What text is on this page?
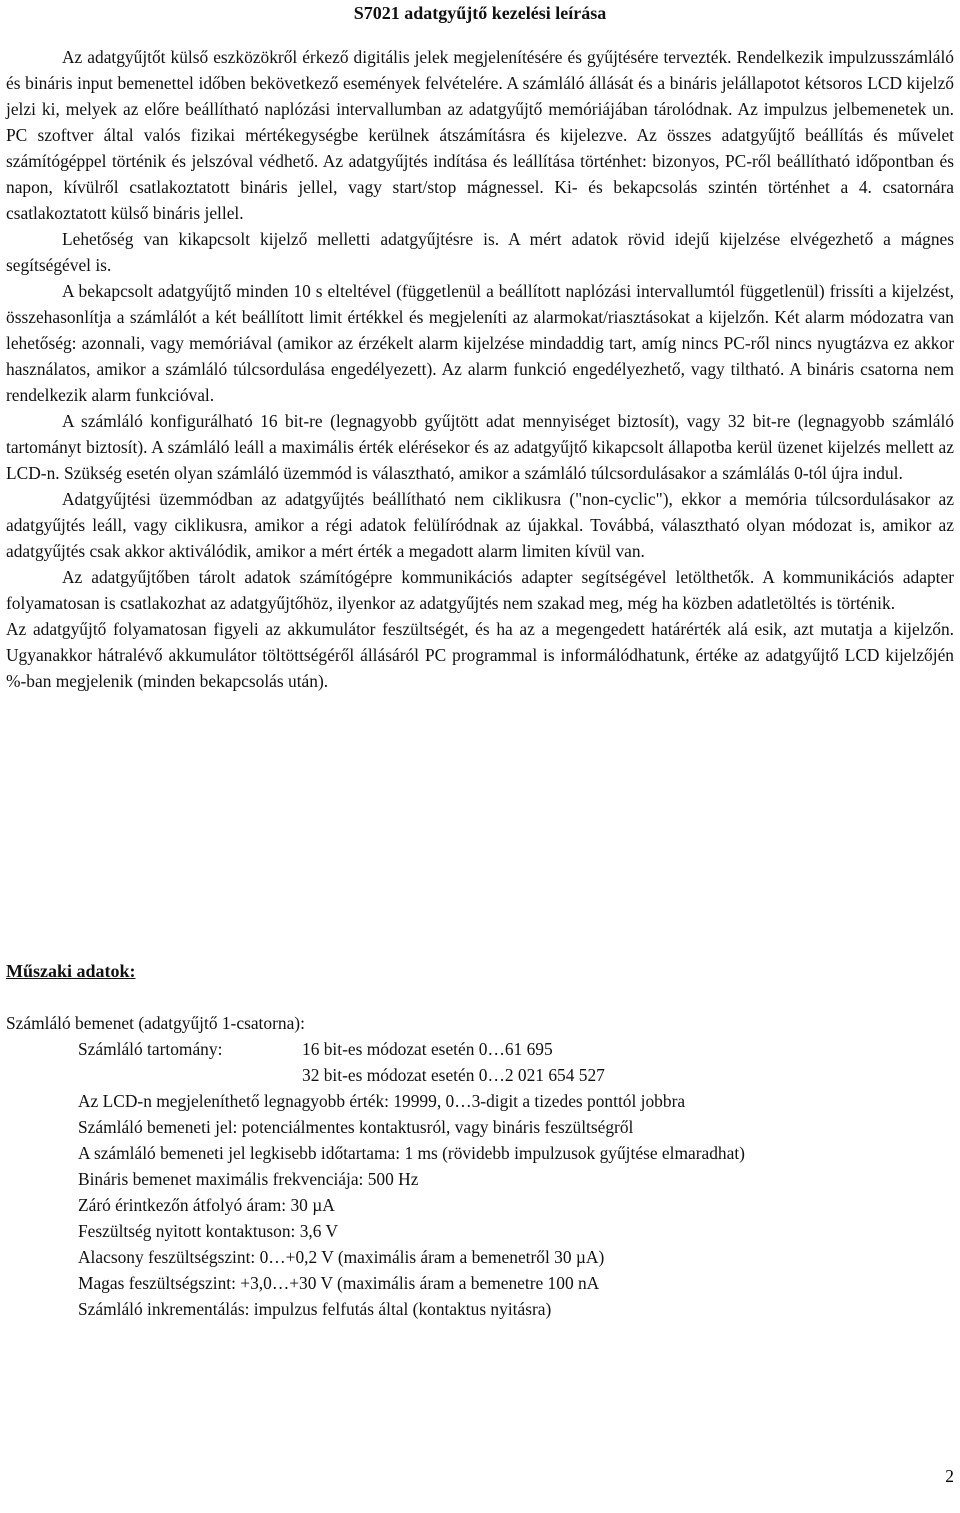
S7021 adatgyűjtő kezelési leírása

Az adatgyűjtőt külső eszközökről érkező digitális jelek megjelenítésére és gyűjtésére tervezték. Rendelkezik impulzusszámláló és bináris input bemenettel időben bekövetkező események felvételére. A számláló állását és a bináris jelállapotot kétsoros LCD kijelző jelzi ki, melyek az előre beállítható naplózási intervallumban az adatgyűjtő memóriájában tárolódnak. Az impulzus jelbemenetek un. PC szoftver által valós fizikai mértékegységbe kerülnek átszámításra és kijelezve. Az összes adatgyűjtő beállítás és művelet számítógéppel történik és jelszóval védhető. Az adatgyűjtés indítása és leállítása történhet: bizonyos, PC-ről beállítható időpontban és napon, kívülről csatlakoztatott bináris jellel, vagy start/stop mágnessel. Ki- és bekapcsolás szintén történhet a 4. csatornára csatlakoztatott külső bináris jellel.

Lehetőség van kikapcsolt kijelző melletti adatgyűjtésre is. A mért adatok rövid idejű kijelzése elvégezhető a mágnes segítségével is.

A bekapcsolt adatgyűjtő minden 10 s elteltével (függetlenül a beállított naplózási intervallumtól függetlenül) frissíti a kijelzést, összehasonlítja a számlálót a két beállított limit értékkel és megjeleníti az alarmokat/riasztásokat a kijelzőn. Két alarm módozatra van lehetőség: azonnali, vagy memóriával (amikor az érzékelt alarm kijelzése mindaddig tart, amíg nincs PC-ről nincs nyugtázva ez akkor használatos, amikor a számláló túlcsordulása engedélyezett). Az alarm funkció engedélyezhető, vagy tiltható. A bináris csatorna nem rendelkezik alarm funkcióval.

A számláló konfigurálható 16 bit-re (legnagyobb gyűjtött adat mennyiséget biztosít), vagy 32 bit-re (legnagyobb számláló tartományt biztosít). A számláló leáll a maximális érték elérésekor és az adatgyűjtő kikapcsolt állapotba kerül üzenet kijelzés mellett az LCD-n. Szükség esetén olyan számláló üzemmód is választható, amikor a számláló túlcsordulásakor a számlálás 0-tól újra indul.

Adatgyűjtési üzemmódban az adatgyűjtés beállítható nem ciklikusra ("non-cyclic"), ekkor a memória túlcsordulásakor az adatgyűjtés leáll, vagy ciklikusra, amikor a régi adatok felülíródnak az újakkal. Továbbá, választható olyan módozat is, amikor az adatgyűjtés csak akkor aktiválódik, amikor a mért érték a megadott alarm limiten kívül van.

Az adatgyűjtőben tárolt adatok számítógépre kommunikációs adapter segítségével letölthetők. A kommunikációs adapter folyamatosan is csatlakozhat az adatgyűjtőhöz, ilyenkor az adatgyűjtés nem szakad meg, még ha közben adatletöltés is történik.

Az adatgyűjtő folyamatosan figyeli az akkumulátor feszültségét, és ha az a megengedett határérték alá esik, azt mutatja a kijelzőn. Ugyanakkor hátralévő akkumulátor töltöttségéről állásáról PC programmal is informálódhatunk, értéke az adatgyűjtő LCD kijelzőjén %-ban megjelenik (minden bekapcsolás után).

Műszaki adatok:

Számláló bemenet (adatgyűjtő 1-csatorna):

Számláló tartomány:	16 bit-es módozat esetén 0…61 695

32 bit-es módozat esetén 0…2 021 654 527

Az LCD-n megjeleníthető legnagyobb érték: 19999, 0…3-digit a tizedes ponttól jobbra

Számláló bemeneti jel: potenciálmentes kontaktusról, vagy bináris feszültségről

A számláló bemeneti jel legkisebb időtartama: 1 ms (rövidebb impulzusok gyűjtése elmaradhat)

Bináris bemenet maximális frekvenciája: 500 Hz

Záró érintkezőn átfolyó áram: 30 µA

Feszültség nyitott kontaktuson: 3,6 V

Alacsony feszültségszint: 0…+0,2 V (maximális áram a bemenetről 30 µA)

Magas feszültségszint: +3,0…+30 V (maximális áram a bemenetre 100 nA

Számláló inkrementálás: impulzus felfutás által (kontaktus nyitásra)

2
